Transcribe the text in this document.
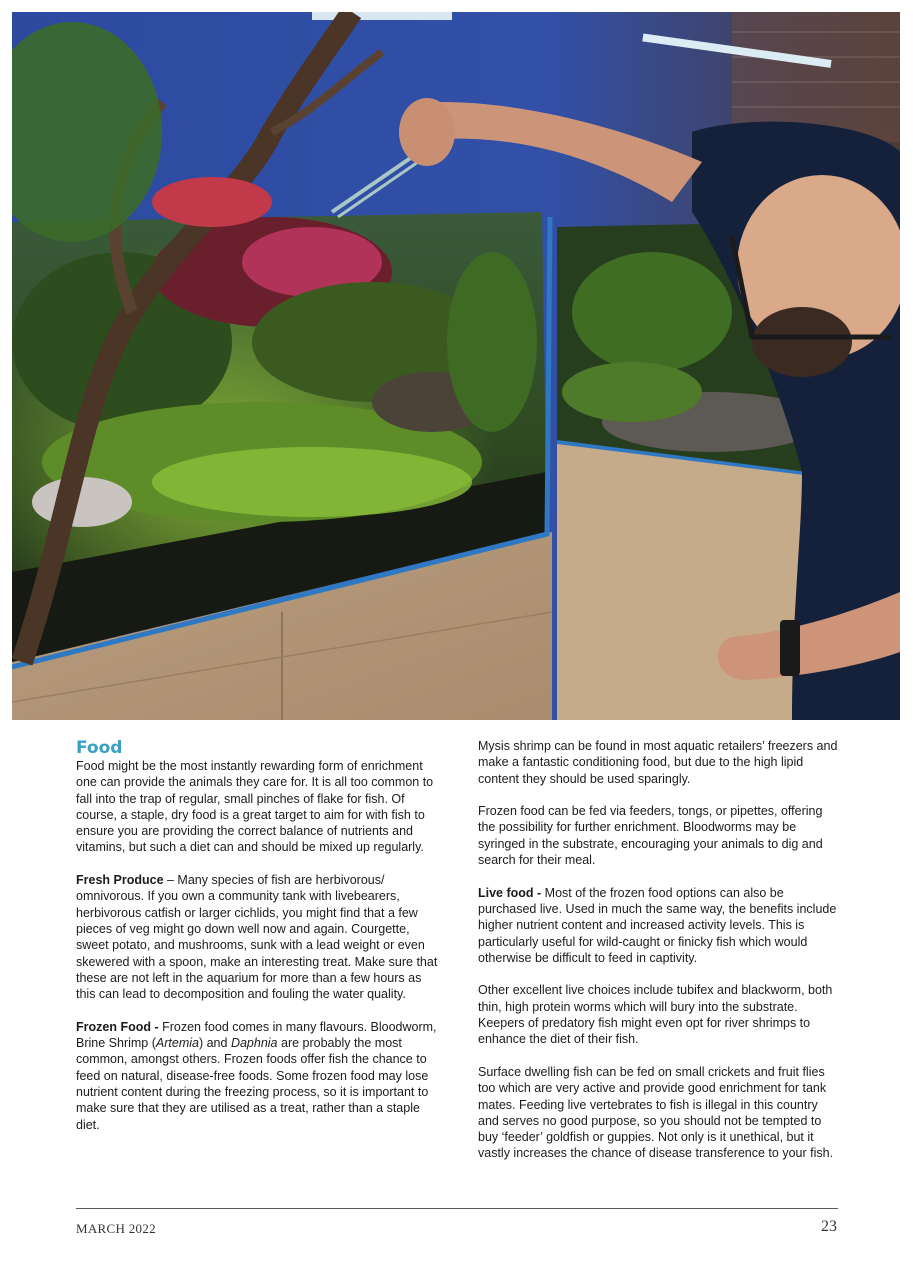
Food

Food might be the most instantly rewarding form of enrichment one can provide the animals they care for. It is all too common to fall into the trap of regular, small pinches of flake for fish. Of course, a staple, dry food is a great target to aim for with fish to ensure you are providing the correct balance of nutrients and vitamins, but such a diet can and should be mixed up regularly.

Fresh Produce – Many species of fish are herbivorous/ omnivorous. If you own a community tank with livebearers, herbivorous catfish or larger cichlids, you might find that a few pieces of veg might go down well now and again. Courgette, sweet potato, and mushrooms, sunk with a lead weight or even skewered with a spoon, make an interesting treat. Make sure that these are not left in the aquarium for more than a few hours as this can lead to decomposition and fouling the water quality.

Frozen Food - Frozen food comes in many flavours. Bloodworm, Brine Shrimp (Artemia) and Daphnia are probably the most common, amongst others. Frozen foods offer fish the chance to feed on natural, disease-free foods. Some frozen food may lose nutrient content during the freezing process, so it is important to make sure that they are utilised as a treat, rather than a staple diet.

Mysis shrimp can be found in most aquatic retailers’ freezers and make a fantastic conditioning food, but due to the high lipid content they should be used sparingly.

Frozen food can be fed via feeders, tongs, or pipettes, offering the possibility for further enrichment. Bloodworms may be syringed in the substrate, encouraging your animals to dig and search for their meal.

Live food - Most of the frozen food options can also be purchased live. Used in much the same way, the benefits include higher nutrient content and increased activity levels. This is particularly useful for wild-caught or finicky fish which would otherwise be difficult to feed in captivity.

Other excellent live choices include tubifex and blackworm, both thin, high protein worms which will bury into the substrate. Keepers of predatory fish might even opt for river shrimps to enhance the diet of their fish.

Surface dwelling fish can be fed on small crickets and fruit flies too which are very active and provide good enrichment for tank mates. Feeding live vertebrates to fish is illegal in this country and serves no good purpose, so you should not be tempted to buy ‘feeder’ goldfish or guppies. Not only is it unethical, but it vastly increases the chance of disease transference to your fish.

MARCH 2022	23
